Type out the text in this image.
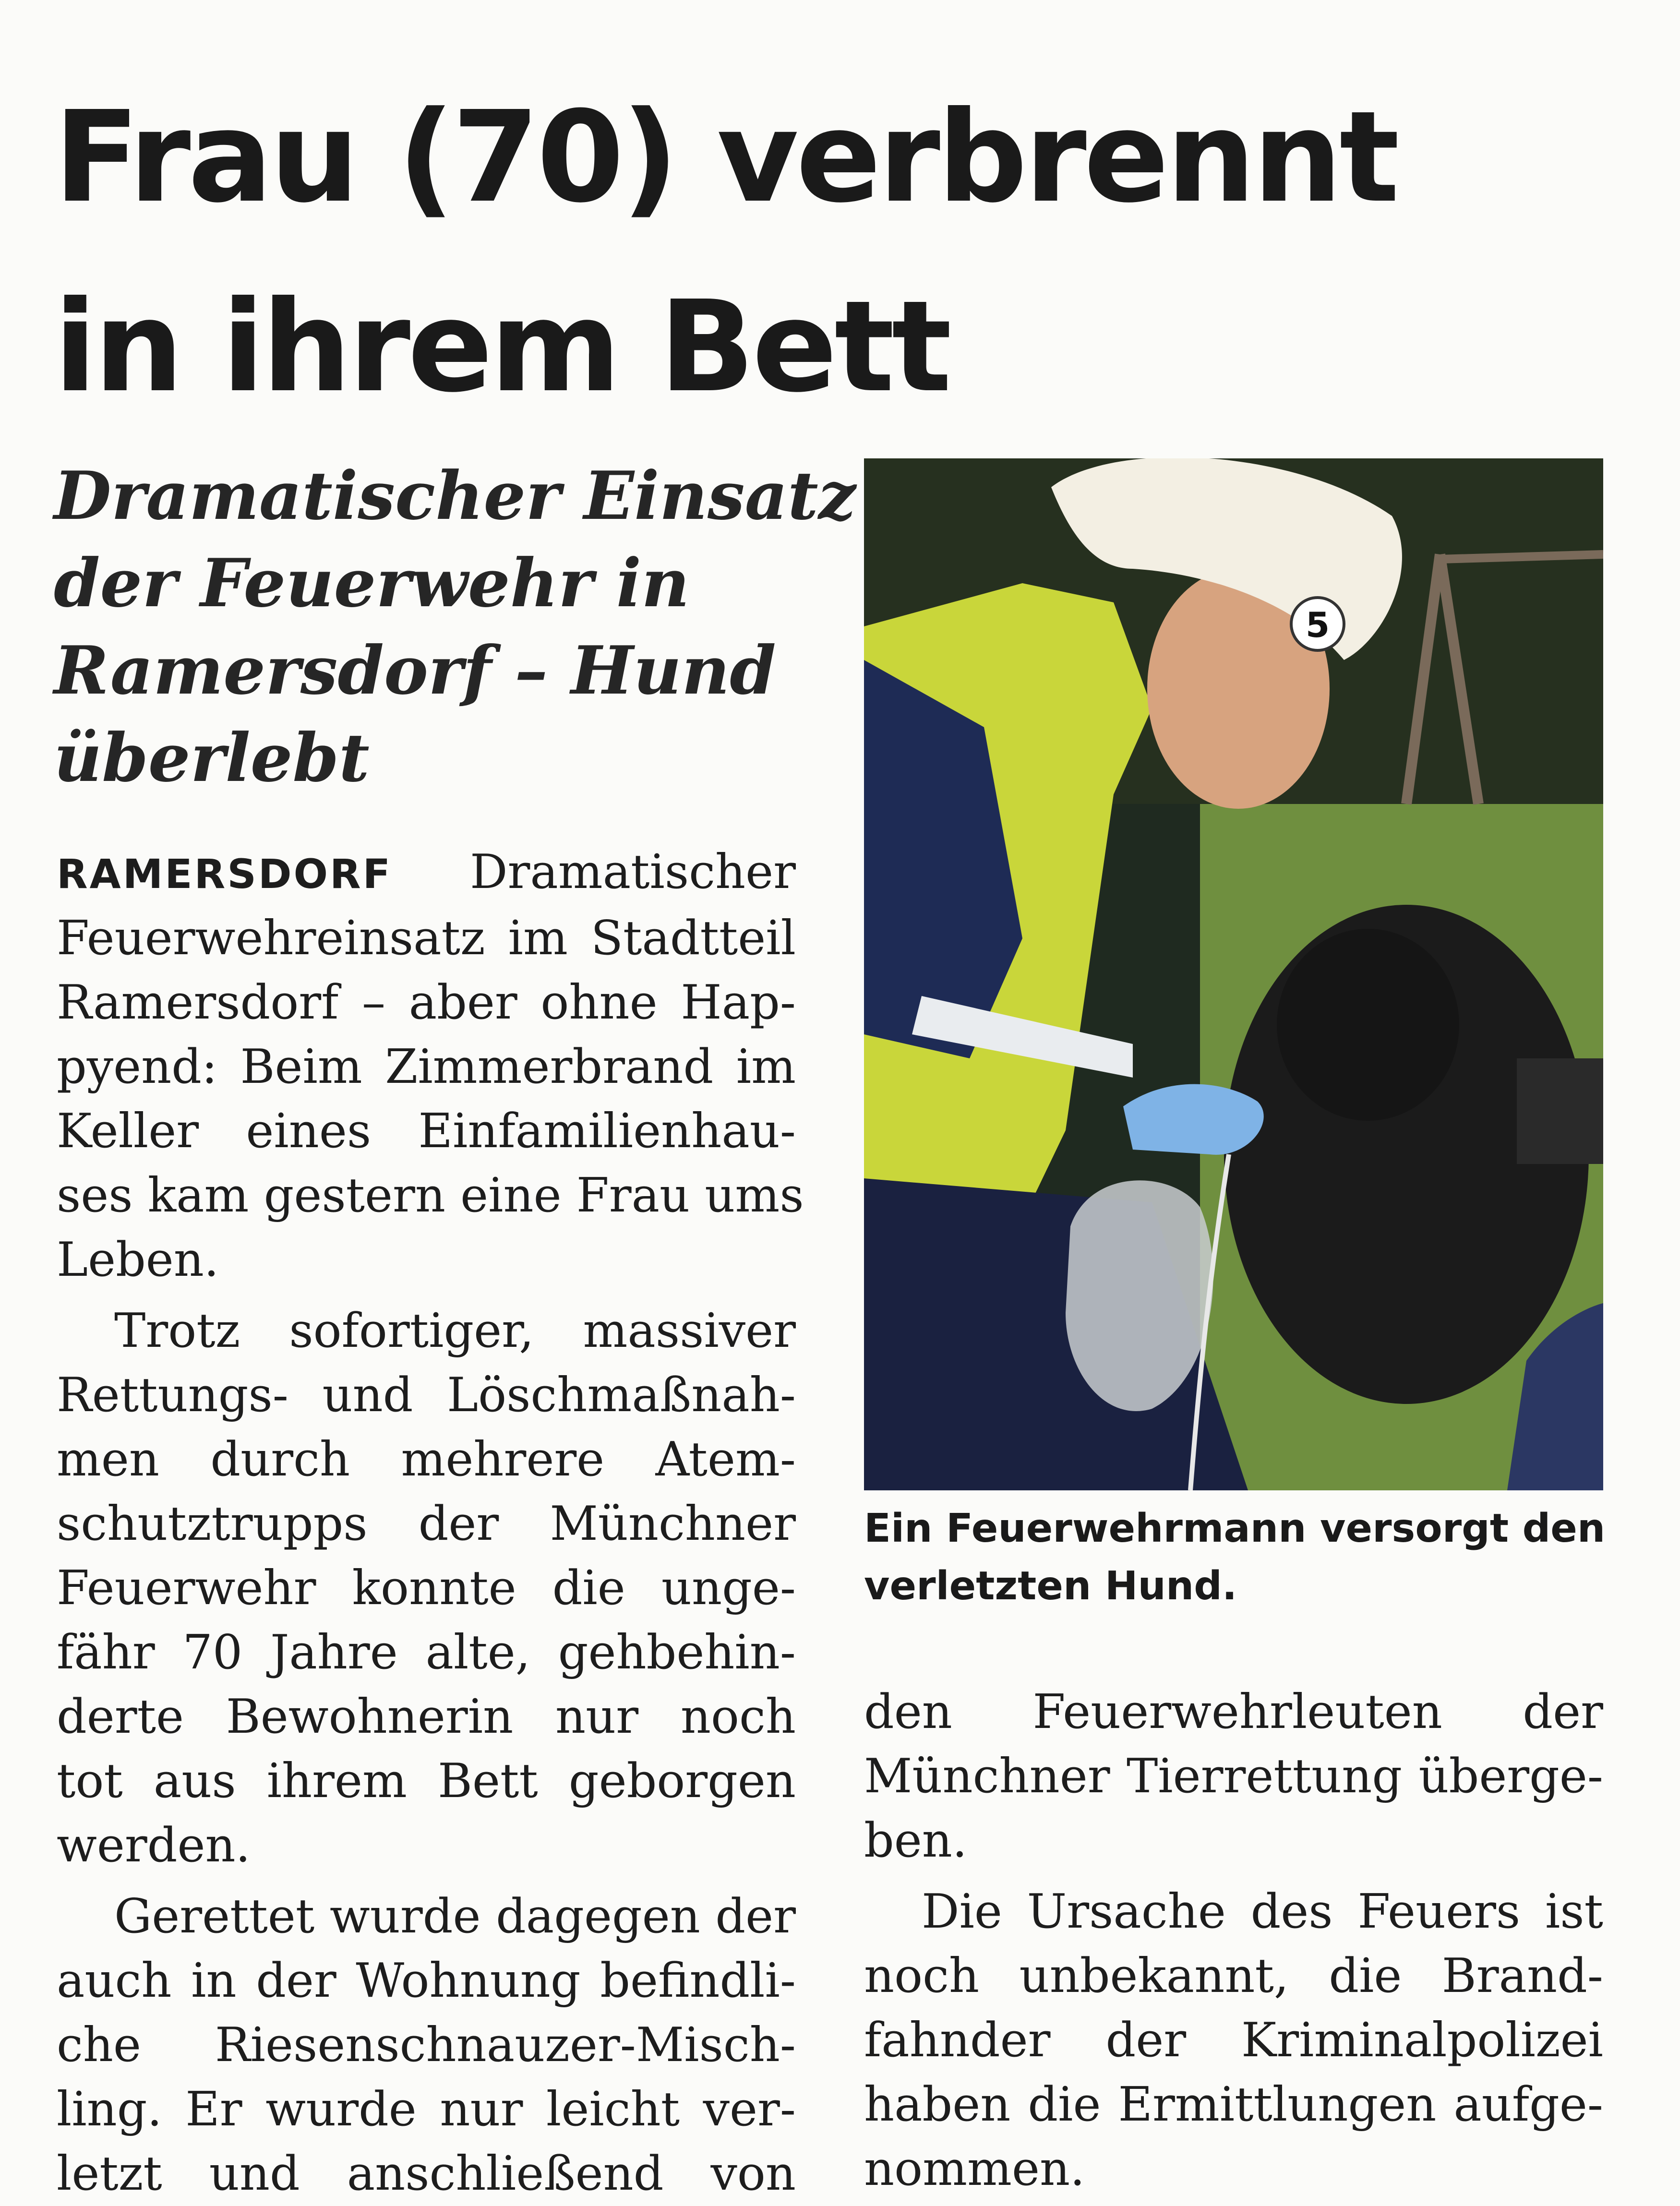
Frau (70) verbrennt
in ihrem Bett
Dramatischer Einsatz
der Feuerwehr in
Ramersdorf – Hund
überlebt

RAMERSDORF Dramatischer
Feuerwehreinsatz im Stadtteil
Ramersdorf – aber ohne Hap-
pyend: Beim Zimmerbrand im
Keller eines Einfamilienhau-
ses kam gestern eine Frau ums
Leben.

Trotz sofortiger, massiver
Rettungs- und Löschmaßnah-
men durch mehrere Atem-
schutztrupps der Münchner
Feuerwehr konnte die unge-
fähr 70 Jahre alte, gehbehin-
derte Bewohnerin nur noch
tot aus ihrem Bett geborgen
werden.

Gerettet wurde dagegen der
auch in der Wohnung befindli-
che Riesenschnauzer-Misch-
ling. Er wurde nur leicht ver-
letzt und anschließend von

5

Ein Feuerwehrmann versorgt den
verletzten Hund.

den Feuerwehrleuten der
Münchner Tierrettung überge-
ben.

Die Ursache des Feuers ist
noch unbekannt, die Brand-
fahnder der Kriminalpolizei
haben die Ermittlungen aufge-
nommen.
